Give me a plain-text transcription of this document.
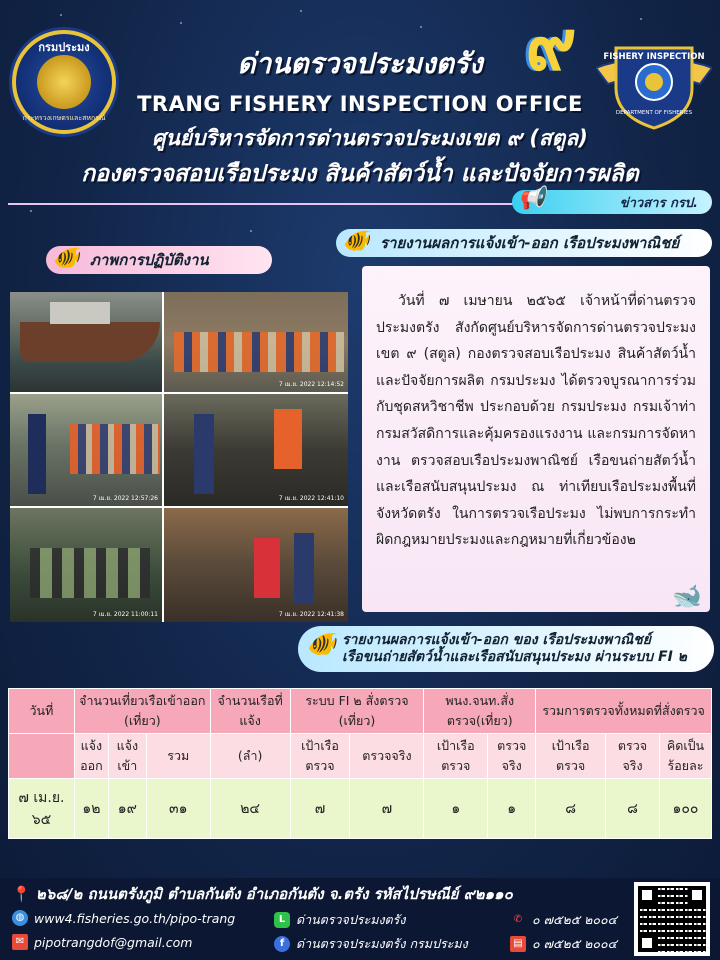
กรมประมง
กระทรวงเกษตรและสหกรณ์
๙	FISHERY INSPECTION
DEPARTMENT OF FISHERIES
ด่านตรวจประมงตรัง
TRANG FISHERY INSPECTION OFFICE
ศูนย์บริหารจัดการด่านตรวจประมงเขต ๙ (สตูล)
กองตรวจสอบเรือประมง สินค้าสัตว์น้ำ และปัจจัยการผลิต
📢	ข่าวสาร กรป.
🐠 รายงานผลการแจ้งเข้า-ออก เรือประมงพาณิชย์
🐠 ภาพการปฏิบัติงาน
7 เม.ย. 2022 12:14:52
7 เม.ย. 2022 12:57:26	7 เม.ย. 2022 12:41:10
7 เม.ย. 2022 11:00:11	7 เม.ย. 2022 12:41:38

วันที่ ๗ เมษายน ๒๕๖๕ เจ้าหน้าที่ด่านตรวจประมงตรัง สังกัดศูนย์บริหารจัดการด่านตรวจประมง เขต ๙ (สตูล) กองตรวจสอบเรือประมง สินค้าสัตว์น้ำ และปัจจัยการผลิต กรมประมง ได้ตรวจบูรณาการร่วมกับชุดสหวิชาชีพ ประกอบด้วย กรมประมง กรมเจ้าท่า กรมสวัสดิการและคุ้มครองแรงงาน และกรมการจัดหางาน ตรวจสอบเรือประมงพาณิชย์ เรือขนถ่ายสัตว์น้ำและเรือสนับสนุนประมง ณ ท่าเทียบเรือประมงพื้นที่จังหวัดตรัง ในการตรวจเรือประมง ไม่พบการกระทำผิดกฎหมายประมงและกฎหมายที่เกี่ยวข้อง๒

🐋
🐠 รายงานผลการแจ้งเข้า-ออก ของ เรือประมงพาณิชย์
เรือขนถ่ายสัตว์น้ำและเรือสนับสนุนประมง ผ่านระบบ FI ๒
วันที่	จำนวนเที่ยวเรือเข้าออก (เที่ยว)			จำนวนเรือที่แจ้ง	ระบบ FI ๒ สั่งตรวจ (เที่ยว)		พนง.จนท.สั่งตรวจ(เที่ยว)		รวมการตรวจทั้งหมดที่สั่งตรวจ		

	แจ้งออก	แจ้งเข้า	รวม	(ลำ)	เป้าเรือตรวจ	ตรวจจริง	เป้าเรือตรวจ	ตรวจจริง	เป้าเรือตรวจ	ตรวจจริง	คิดเป็นร้อยละ
๗ เม.ย. ๖๕	๑๒	๑๙	๓๑	๒๔	๗	๗	๑	๑	๘	๘	๑๐๐
📍 ๒๖๘/๒ ถนนตรังภูมิ ตำบลกันตัง อำเภอกันตัง จ.ตรัง รหัสไปรษณีย์ ๙๒๑๑๐
◍ www4.fisheries.go.th/pipo-trang	L ด่านตรวจประมงตรัง	✆ ๐ ๗๕๒๕ ๒๐๐๔
✉ pipotrangdof@gmail.com	f ด่านตรวจประมงตรัง กรมประมง	▤ ๐ ๗๕๒๕ ๒๐๐๔
